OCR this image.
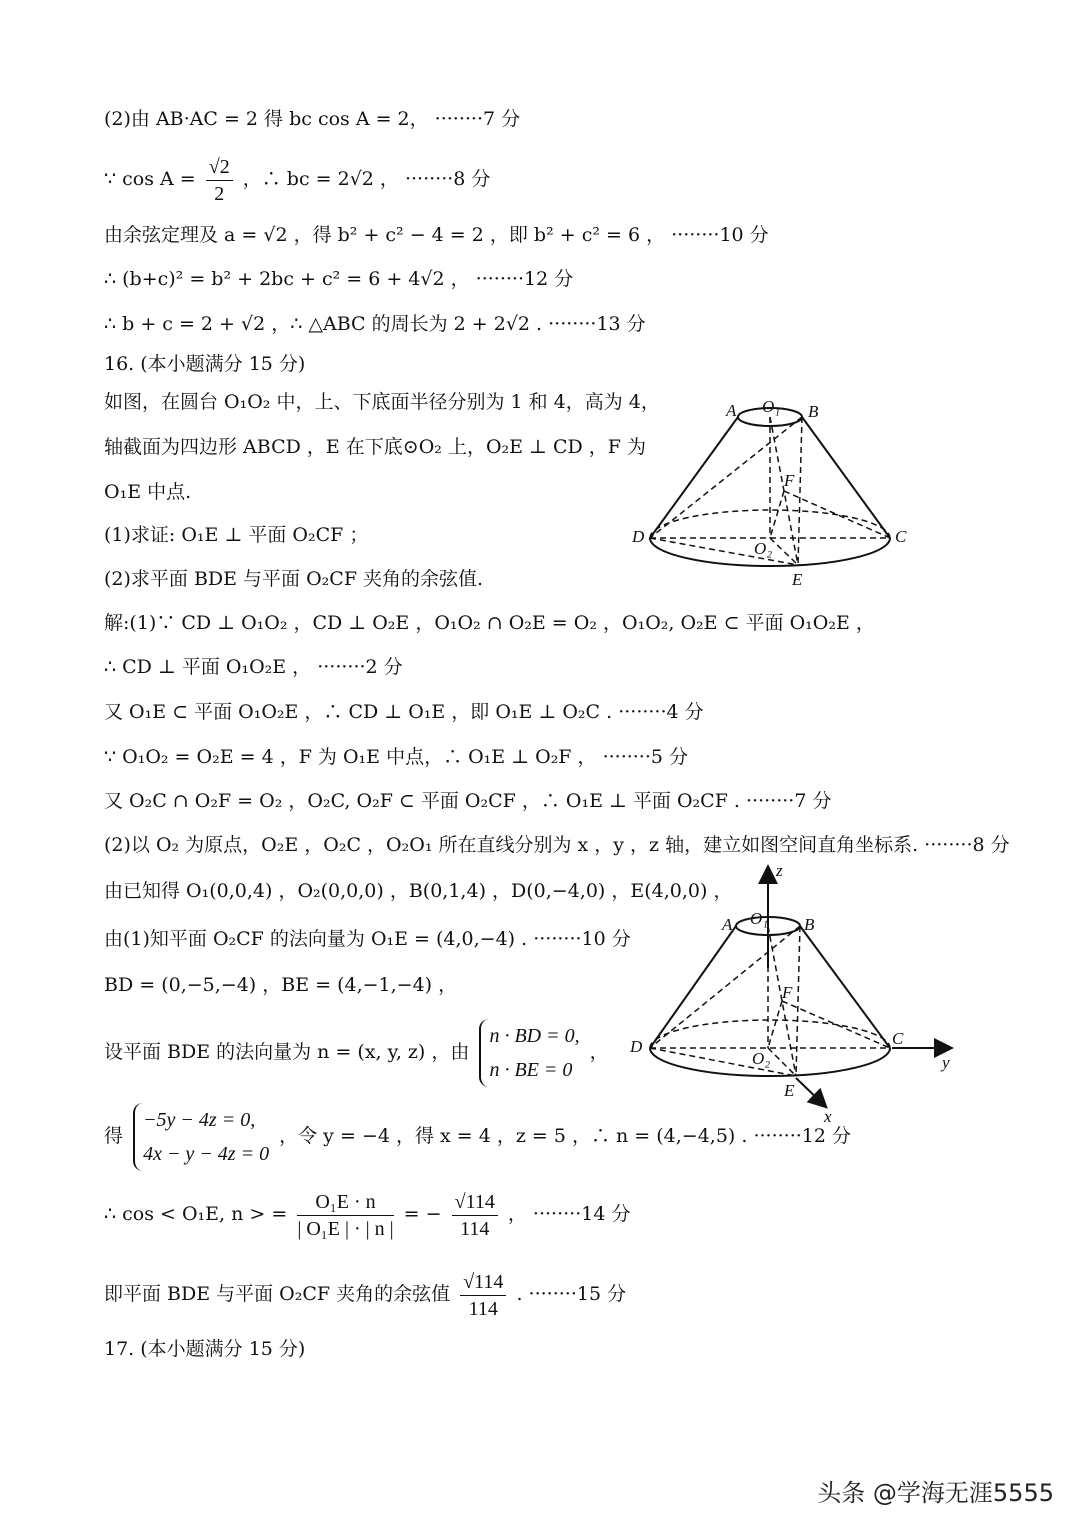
(2)由 AB·AC = 2 得 bc cos A = 2， ········7 分
∵ $\cos A = \frac{√2}{2}$ ，∴ bc = 2√2 ， ········8 分
由余弦定理及 a = √2 ，得 b² + c² − 4 = 2 ，即 b² + c² = 6 ， ········10 分
∴ (b+c)² = b² + 2bc + c² = 6 + 4√2 ， ········12 分
∴ b + c = 2 + √2 ，∴ △ABC 的周长为 2 + 2√2 . ········13 分
16. (本小题满分 15 分)
如图，在圆台 O₁O₂ 中，上、下底面半径分别为 1 和 4，高为 4，
轴截面为四边形 ABCD ，E 在下底⊙O₂ 上，O₂E ⊥ CD ，F 为
O₁E 中点.
(1)求证: O₁E ⊥ 平面 O₂CF ；
(2)求平面 BDE 与平面 O₂CF 夹角的余弦值.
解:(1)∵ CD ⊥ O₁O₂ ，CD ⊥ O₂E ，O₁O₂ ∩ O₂E = O₂ ，O₁O₂, O₂E ⊂ 平面 O₁O₂E ，
∴ CD ⊥ 平面 O₁O₂E ， ········2 分
又 O₁E ⊂ 平面 O₁O₂E ，∴ CD ⊥ O₁E ，即 O₁E ⊥ O₂C . ········4 分
∵ O₁O₂ = O₂E = 4 ，F 为 O₁E 中点，∴ O₁E ⊥ O₂F ， ········5 分
又 O₂C ∩ O₂F = O₂ ，O₂C, O₂F ⊂ 平面 O₂CF ，∴ O₁E ⊥ 平面 O₂CF . ········7 分
(2)以 O₂ 为原点，O₂E ，O₂C ，O₂O₁ 所在直线分别为 x ，y ，z 轴，建立如图空间直角坐标系. ········8 分
由已知得 O₁(0,0,4) ，O₂(0,0,0) ，B(0,1,4) ，D(0,−4,0) ，E(4,0,0) ，
由(1)知平面 O₂CF 的法向量为 O₁E = (4,0,−4) . ········10 分
BD = (0,−5,−4) ，BE = (4,−1,−4) ，
设平面 BDE 的法向量为 n = (x, y, z) ，由
n · BD = 0,
n · BE = 0
，
得
−5y − 4z = 0,
4x − y − 4z = 0
，令 y = −4 ，得 x = 4 ，z = 5 ，∴ n = (4,−4,5) . ········12 分
∴ cos < O₁E, n > = $\frac{\text{O₁E · n}}{\text{| O₁E | · | n |}}$ = − $\frac{√114}{114}$ ， ········14 分
即平面 BDE 与平面 O₂CF 夹角的余弦值 $\frac{√114}{114}$ . ········15 分
17. (本小题满分 15 分)
A O₁ B
F
D
O₂
C
E
A O₁ B
F
D
O₂
C
E
z
y
x
头条 @学海无涯5555
